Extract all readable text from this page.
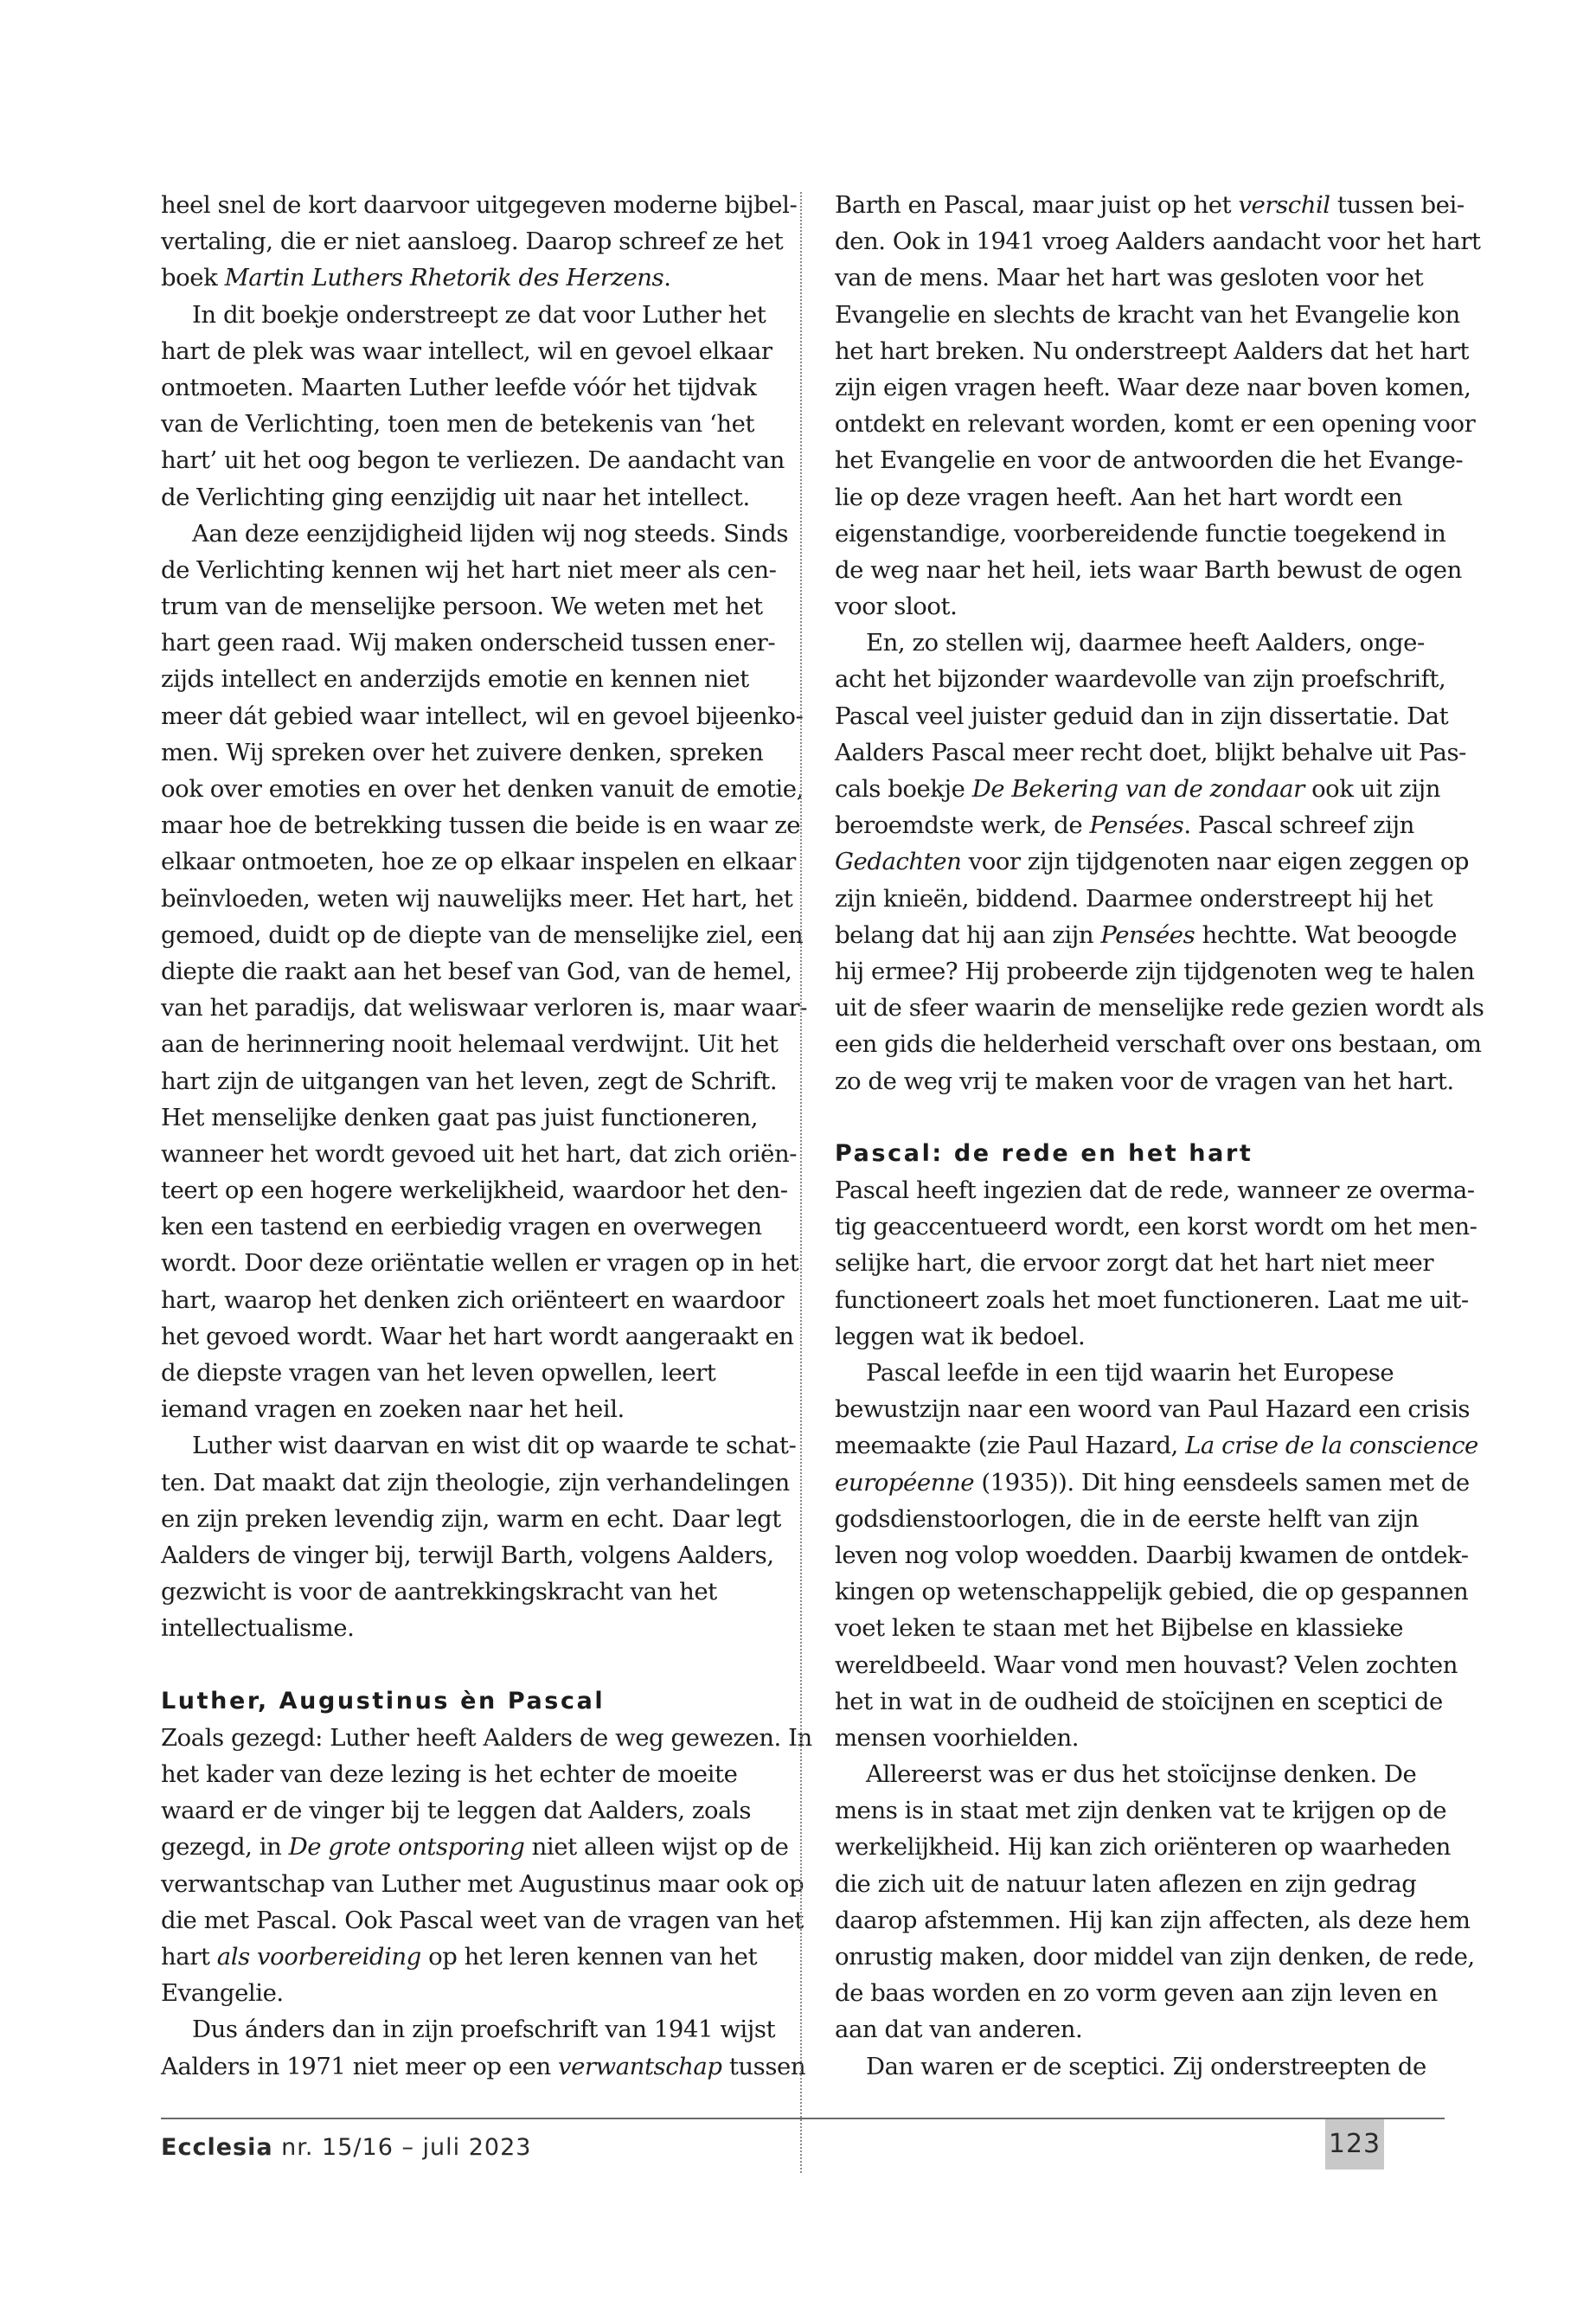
heel snel de kort daarvoor uitgegeven moderne bijbel-
vertaling, die er niet aansloeg. Daarop schreef ze het
boek Martin Luthers Rhetorik des Herzens.
In dit boekje onderstreept ze dat voor Luther het
hart de plek was waar intellect, wil en gevoel elkaar
ontmoeten. Maarten Luther leefde vóór het tijdvak
van de Verlichting, toen men de betekenis van ‘het
hart’ uit het oog begon te verliezen. De aandacht van
de Verlichting ging eenzijdig uit naar het intellect.
Aan deze eenzijdigheid lijden wij nog steeds. Sinds
de Verlichting kennen wij het hart niet meer als cen-
trum van de menselijke persoon. We weten met het
hart geen raad. Wij maken onderscheid tussen ener-
zijds intellect en anderzijds emotie en kennen niet
meer dát gebied waar intellect, wil en gevoel bijeenko-
men. Wij spreken over het zuivere denken, spreken
ook over emoties en over het denken vanuit de emotie,
maar hoe de betrekking tussen die beide is en waar ze
elkaar ontmoeten, hoe ze op elkaar inspelen en elkaar
beïnvloeden, weten wij nauwelijks meer. Het hart, het
gemoed, duidt op de diepte van de menselijke ziel, een
diepte die raakt aan het besef van God, van de hemel,
van het paradijs, dat weliswaar verloren is, maar waar-
aan de herinnering nooit helemaal verdwijnt. Uit het
hart zijn de uitgangen van het leven, zegt de Schrift.
Het menselijke denken gaat pas juist functioneren,
wanneer het wordt gevoed uit het hart, dat zich oriën-
teert op een hogere werkelijkheid, waardoor het den-
ken een tastend en eerbiedig vragen en overwegen
wordt. Door deze oriëntatie wellen er vragen op in het
hart, waarop het denken zich oriënteert en waardoor
het gevoed wordt. Waar het hart wordt aangeraakt en
de diepste vragen van het leven opwellen, leert
iemand vragen en zoeken naar het heil.
Luther wist daarvan en wist dit op waarde te schat-
ten. Dat maakt dat zijn theologie, zijn verhandelingen
en zijn preken levendig zijn, warm en echt. Daar legt
Aalders de vinger bij, terwijl Barth, volgens Aalders,
gezwicht is voor de aantrekkingskracht van het
intellectualisme.
Luther, Augustinus èn Pascal
Zoals gezegd: Luther heeft Aalders de weg gewezen. In
het kader van deze lezing is het echter de moeite
waard er de vinger bij te leggen dat Aalders, zoals
gezegd, in De grote ontsporing niet alleen wijst op de
verwantschap van Luther met Augustinus maar ook op
die met Pascal. Ook Pascal weet van de vragen van het
hart als voorbereiding op het leren kennen van het
Evangelie.
Dus ánders dan in zijn proefschrift van 1941 wijst
Aalders in 1971 niet meer op een verwantschap tussen
Barth en Pascal, maar juist op het verschil tussen bei-
den. Ook in 1941 vroeg Aalders aandacht voor het hart
van de mens. Maar het hart was gesloten voor het
Evangelie en slechts de kracht van het Evangelie kon
het hart breken. Nu onderstreept Aalders dat het hart
zijn eigen vragen heeft. Waar deze naar boven komen,
ontdekt en relevant worden, komt er een opening voor
het Evangelie en voor de antwoorden die het Evange-
lie op deze vragen heeft. Aan het hart wordt een
eigenstandige, voorbereidende functie toegekend in
de weg naar het heil, iets waar Barth bewust de ogen
voor sloot.
En, zo stellen wij, daarmee heeft Aalders, onge-
acht het bijzonder waardevolle van zijn proefschrift,
Pascal veel juister geduid dan in zijn dissertatie. Dat
Aalders Pascal meer recht doet, blijkt behalve uit Pas-
cals boekje De Bekering van de zondaar ook uit zijn
beroemdste werk, de Pensées. Pascal schreef zijn
Gedachten voor zijn tijdgenoten naar eigen zeggen op
zijn knieën, biddend. Daarmee onderstreept hij het
belang dat hij aan zijn Pensées hechtte. Wat beoogde
hij ermee? Hij probeerde zijn tijdgenoten weg te halen
uit de sfeer waarin de menselijke rede gezien wordt als
een gids die helderheid verschaft over ons bestaan, om
zo de weg vrij te maken voor de vragen van het hart.
Pascal: de rede en het hart
Pascal heeft ingezien dat de rede, wanneer ze overma-
tig geaccentueerd wordt, een korst wordt om het men-
selijke hart, die ervoor zorgt dat het hart niet meer
functioneert zoals het moet functioneren. Laat me uit-
leggen wat ik bedoel.
Pascal leefde in een tijd waarin het Europese
bewustzijn naar een woord van Paul Hazard een crisis
meemaakte (zie Paul Hazard, La crise de la conscience
européenne (1935)). Dit hing eensdeels samen met de
godsdienstoorlogen, die in de eerste helft van zijn
leven nog volop woedden. Daarbij kwamen de ontdek-
kingen op wetenschappelijk gebied, die op gespannen
voet leken te staan met het Bijbelse en klassieke
wereldbeeld. Waar vond men houvast? Velen zochten
het in wat in de oudheid de stoïcijnen en sceptici de
mensen voorhielden.
Allereerst was er dus het stoïcijnse denken. De
mens is in staat met zijn denken vat te krijgen op de
werkelijkheid. Hij kan zich oriënteren op waarheden
die zich uit de natuur laten aflezen en zijn gedrag
daarop afstemmen. Hij kan zijn affecten, als deze hem
onrustig maken, door middel van zijn denken, de rede,
de baas worden en zo vorm geven aan zijn leven en
aan dat van anderen.
Dan waren er de sceptici. Zij onderstreepten de
Ecclesia nr. 15/16 – juli 2023	123
